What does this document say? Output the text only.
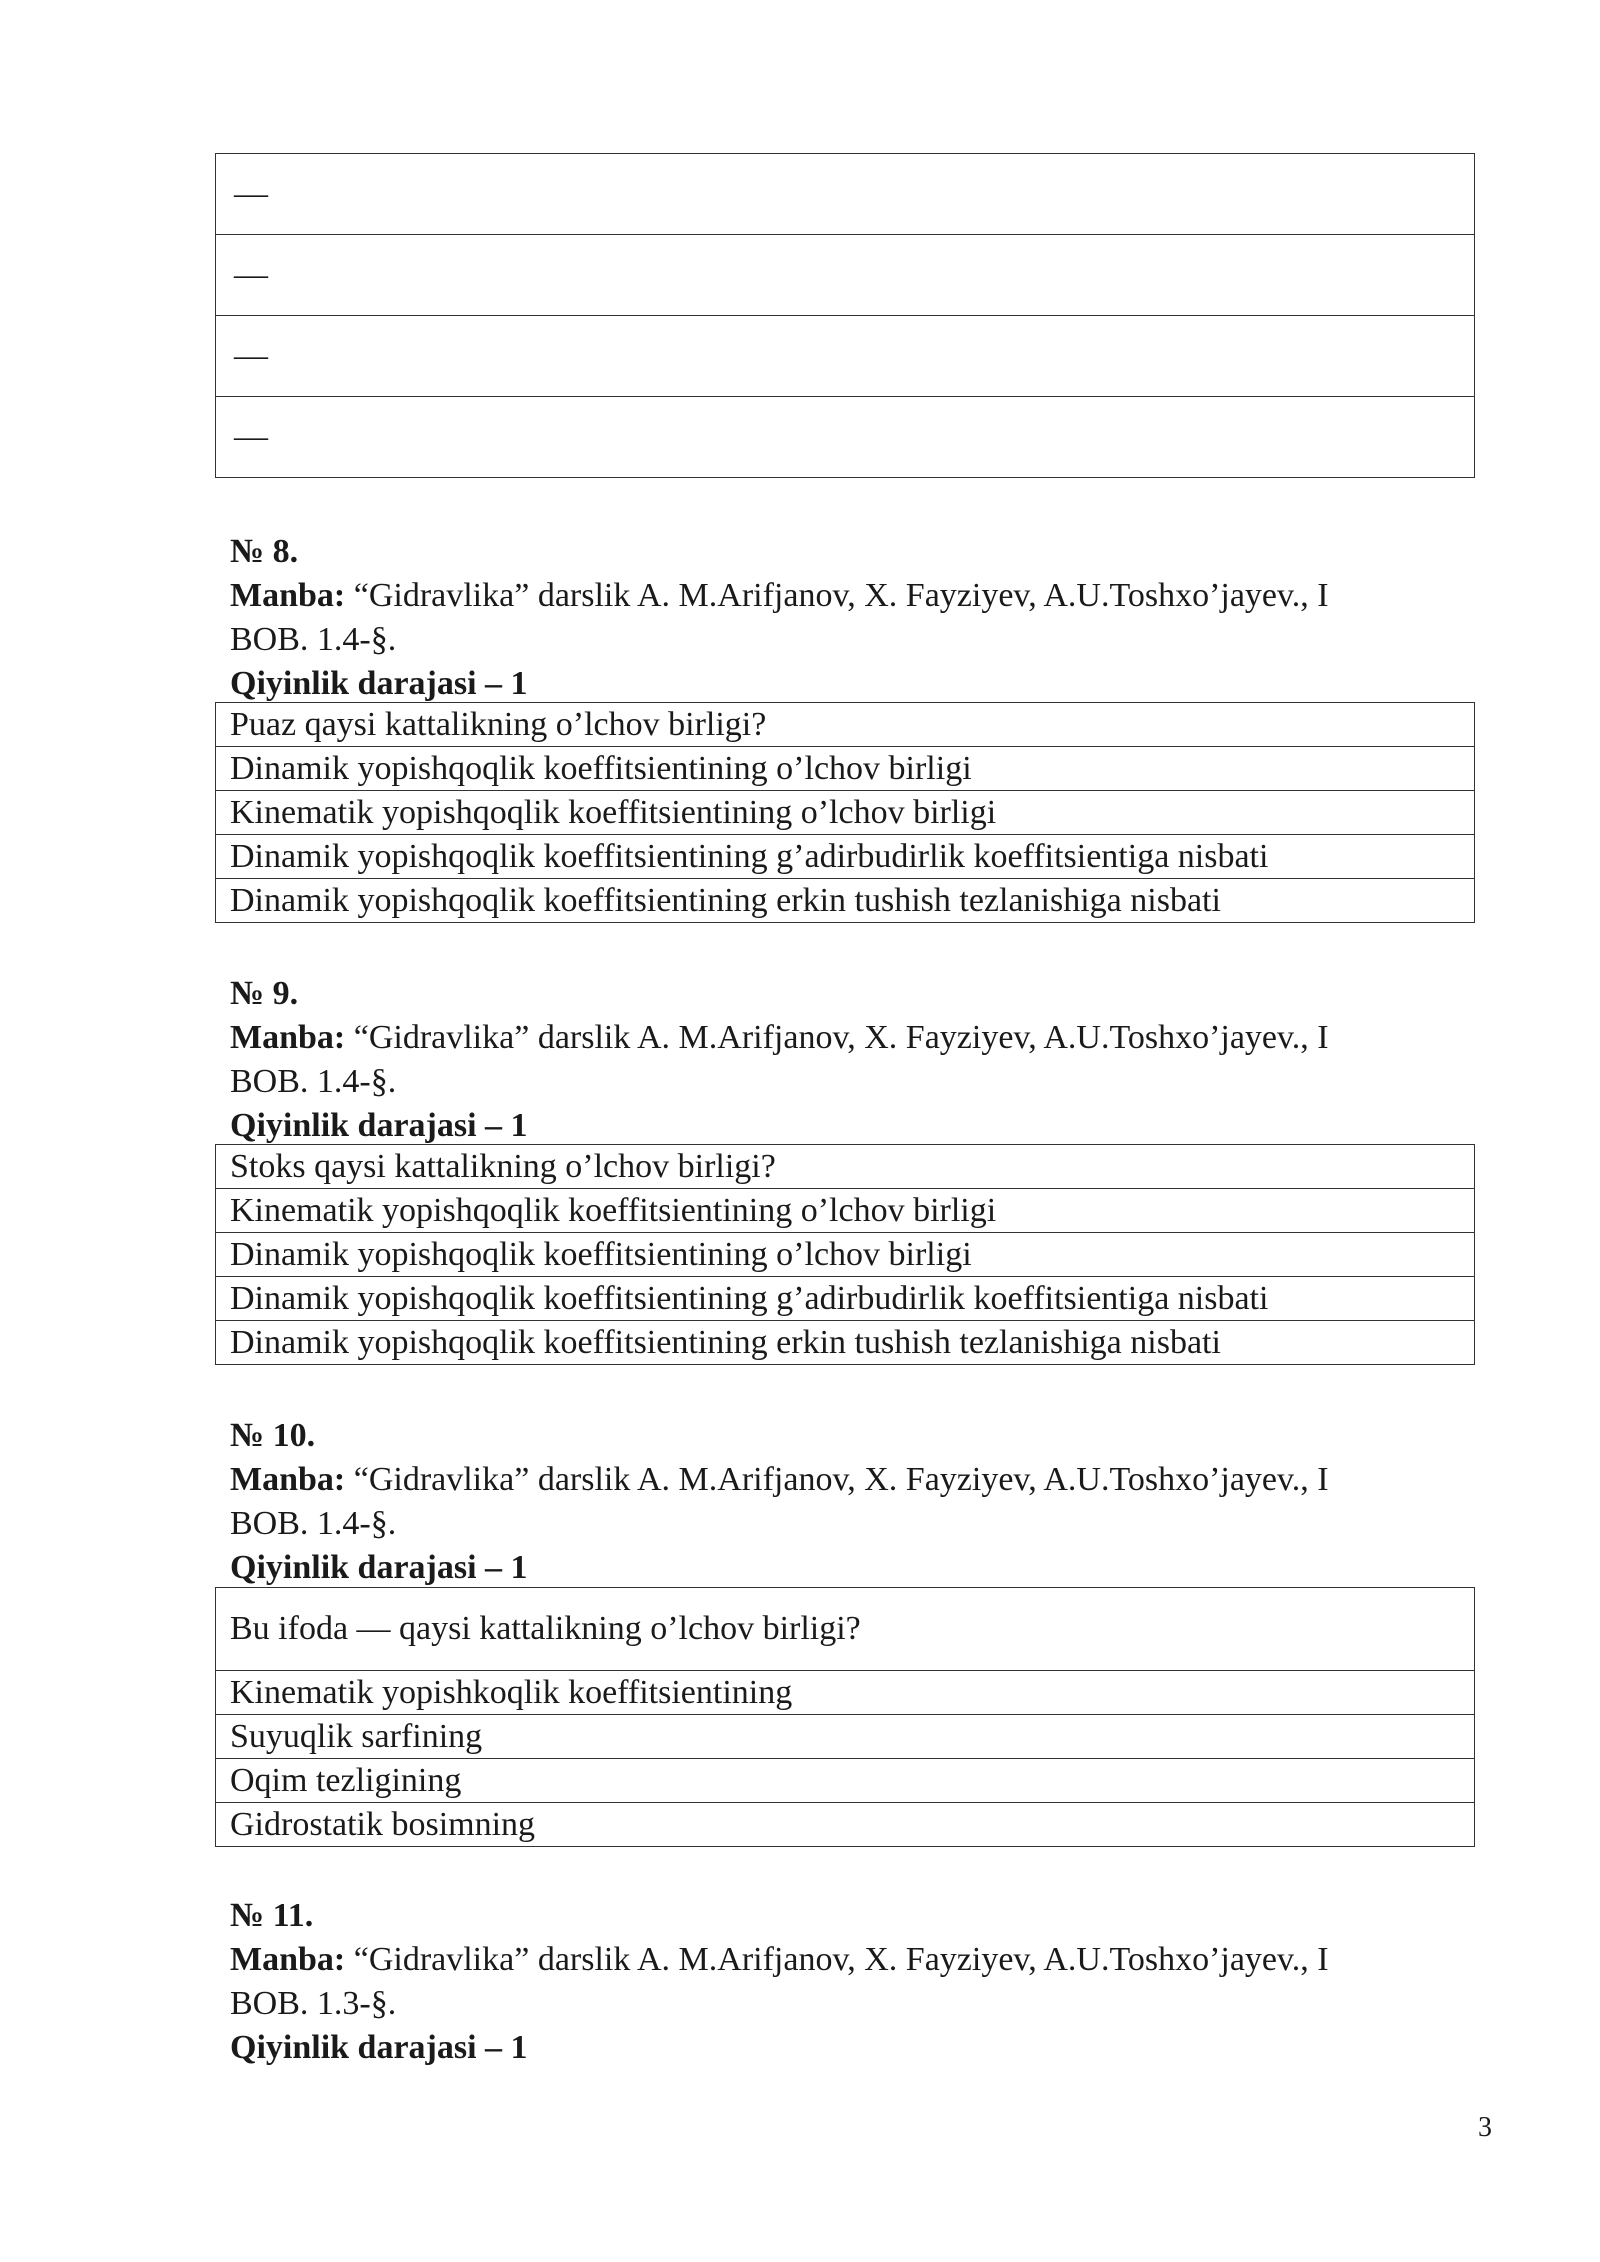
—
—
—
—

№ 8.

Manba: “Gidravlika” darslik A. M.Arifjanov, X. Fayziyev, A.U.Toshxo’jayev., I

BOB. 1.4-§.

Qiyinlik darajasi – 1

Puaz qaysi kattalikning o’lchov birligi?
Dinamik yopishqoqlik koeffitsientining o’lchov birligi
Kinematik yopishqoqlik koeffitsientining o’lchov birligi
Dinamik yopishqoqlik koeffitsientining g’adirbudirlik koeffitsientiga nisbati
Dinamik yopishqoqlik koeffitsientining erkin tushish tezlanishiga nisbati

№ 9.

Manba: “Gidravlika” darslik A. M.Arifjanov, X. Fayziyev, A.U.Toshxo’jayev., I

BOB. 1.4-§.

Qiyinlik darajasi – 1

Stoks qaysi kattalikning o’lchov birligi?
Kinematik yopishqoqlik koeffitsientining o’lchov birligi
Dinamik yopishqoqlik koeffitsientining o’lchov birligi
Dinamik yopishqoqlik koeffitsientining g’adirbudirlik koeffitsientiga nisbati
Dinamik yopishqoqlik koeffitsientining erkin tushish tezlanishiga nisbati

№ 10.

Manba: “Gidravlika” darslik A. M.Arifjanov, X. Fayziyev, A.U.Toshxo’jayev., I

BOB. 1.4-§.

Qiyinlik darajasi – 1

Bu ifoda — qaysi kattalikning o’lchov birligi?
Kinematik yopishkoqlik koeffitsientining
Suyuqlik sarfining
Oqim tezligining
Gidrostatik bosimning

№ 11.

Manba: “Gidravlika” darslik A. M.Arifjanov, X. Fayziyev, A.U.Toshxo’jayev., I

BOB. 1.3-§.

Qiyinlik darajasi – 1

3
